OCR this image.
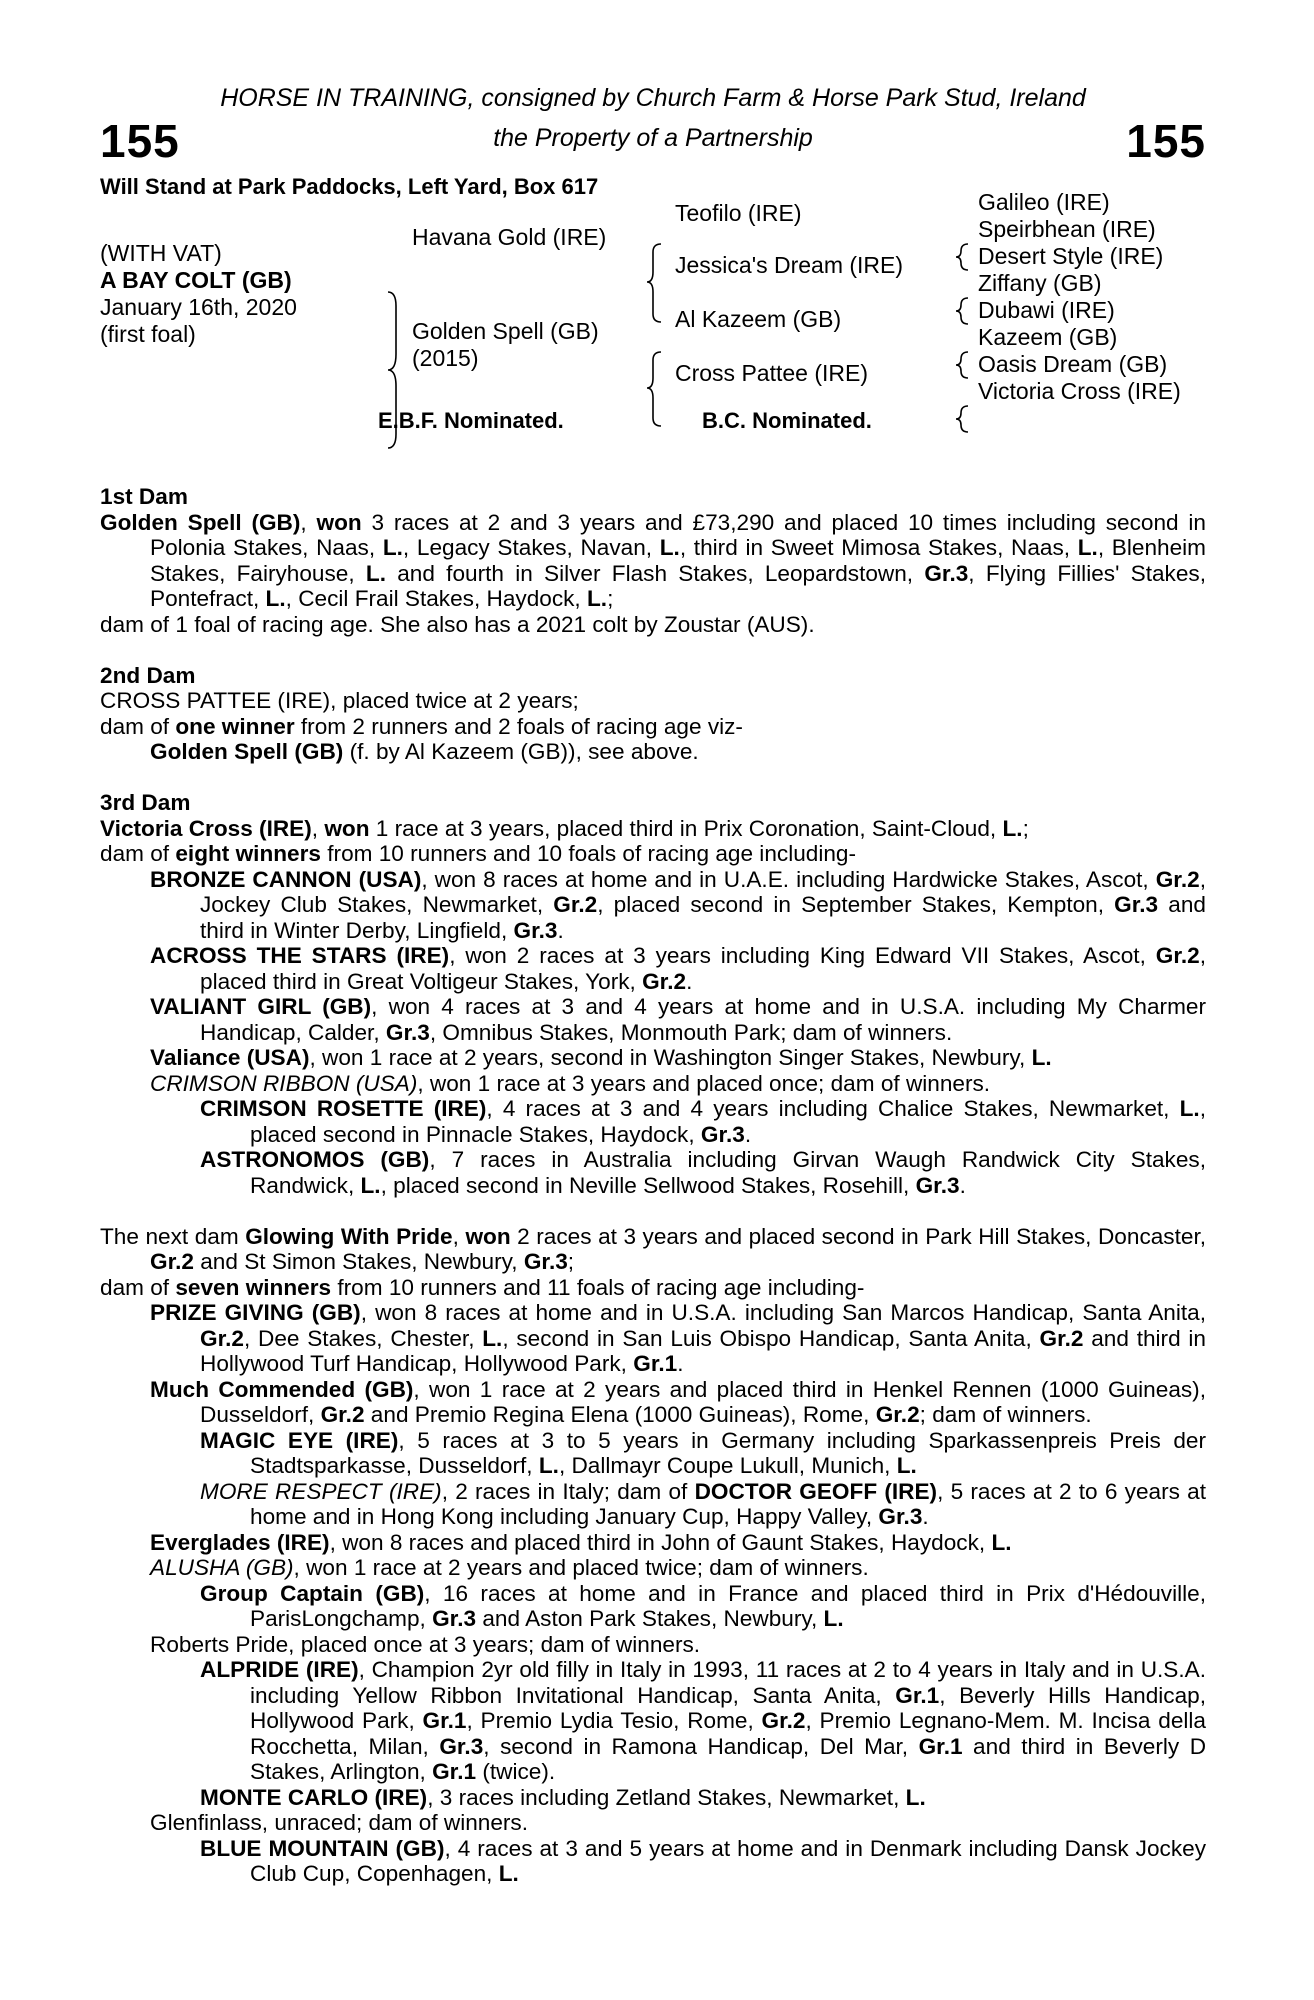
HORSE IN TRAINING, consigned by Church Farm & Horse Park Stud, Ireland
the Property of a Partnership
155	155
Will Stand at Park Paddocks, Left Yard, Box 617
(WITH VAT)
A BAY COLT (GB)
January 16th, 2020
(first foal)
Havana Gold (IRE)
Golden Spell (GB)
(2015)
Teofilo (IRE)
Jessica's Dream (IRE)
Al Kazeem (GB)
Cross Pattee (IRE)
Galileo (IRE)
Speirbhean (IRE)
Desert Style (IRE)
Ziffany (GB)
Dubawi (IRE)
Kazeem (GB)
Oasis Dream (GB)
Victoria Cross (IRE)
E.B.F. Nominated.	B.C. Nominated.

1st Dam

Golden Spell (GB), won 3 races at 2 and 3 years and £73,290 and placed 10 times including second in Polonia Stakes, Naas, L., Legacy Stakes, Navan, L., third in Sweet Mimosa Stakes, Naas, L., Blenheim Stakes, Fairyhouse, L. and fourth in Silver Flash Stakes, Leopardstown, Gr.3, Flying Fillies' Stakes, Pontefract, L., Cecil Frail Stakes, Haydock, L.;

dam of 1 foal of racing age. She also has a 2021 colt by Zoustar (AUS).

2nd Dam

CROSS PATTEE (IRE), placed twice at 2 years;

dam of one winner from 2 runners and 2 foals of racing age viz-

Golden Spell (GB) (f. by Al Kazeem (GB)), see above.

3rd Dam

Victoria Cross (IRE), won 1 race at 3 years, placed third in Prix Coronation, Saint-Cloud, L.;

dam of eight winners from 10 runners and 10 foals of racing age including-

BRONZE CANNON (USA), won 8 races at home and in U.A.E. including Hardwicke Stakes, Ascot, Gr.2, Jockey Club Stakes, Newmarket, Gr.2, placed second in September Stakes, Kempton, Gr.3 and third in Winter Derby, Lingfield, Gr.3.

ACROSS THE STARS (IRE), won 2 races at 3 years including King Edward VII Stakes, Ascot, Gr.2, placed third in Great Voltigeur Stakes, York, Gr.2.

VALIANT GIRL (GB), won 4 races at 3 and 4 years at home and in U.S.A. including My Charmer Handicap, Calder, Gr.3, Omnibus Stakes, Monmouth Park; dam of winners.

Valiance (USA), won 1 race at 2 years, second in Washington Singer Stakes, Newbury, L.

CRIMSON RIBBON (USA), won 1 race at 3 years and placed once; dam of winners.

CRIMSON ROSETTE (IRE), 4 races at 3 and 4 years including Chalice Stakes, Newmarket, L., placed second in Pinnacle Stakes, Haydock, Gr.3.

ASTRONOMOS (GB), 7 races in Australia including Girvan Waugh Randwick City Stakes, Randwick, L., placed second in Neville Sellwood Stakes, Rosehill, Gr.3.

The next dam Glowing With Pride, won 2 races at 3 years and placed second in Park Hill Stakes, Doncaster, Gr.2 and St Simon Stakes, Newbury, Gr.3;

dam of seven winners from 10 runners and 11 foals of racing age including-

PRIZE GIVING (GB), won 8 races at home and in U.S.A. including San Marcos Handicap, Santa Anita, Gr.2, Dee Stakes, Chester, L., second in San Luis Obispo Handicap, Santa Anita, Gr.2 and third in Hollywood Turf Handicap, Hollywood Park, Gr.1.

Much Commended (GB), won 1 race at 2 years and placed third in Henkel Rennen (1000 Guineas), Dusseldorf, Gr.2 and Premio Regina Elena (1000 Guineas), Rome, Gr.2; dam of winners.

MAGIC EYE (IRE), 5 races at 3 to 5 years in Germany including Sparkassenpreis Preis der Stadtsparkasse, Dusseldorf, L., Dallmayr Coupe Lukull, Munich, L.

MORE RESPECT (IRE), 2 races in Italy; dam of DOCTOR GEOFF (IRE), 5 races at 2 to 6 years at home and in Hong Kong including January Cup, Happy Valley, Gr.3.

Everglades (IRE), won 8 races and placed third in John of Gaunt Stakes, Haydock, L.

ALUSHA (GB), won 1 race at 2 years and placed twice; dam of winners.

Group Captain (GB), 16 races at home and in France and placed third in Prix d'Hédouville, ParisLongchamp, Gr.3 and Aston Park Stakes, Newbury, L.

Roberts Pride, placed once at 3 years; dam of winners.

ALPRIDE (IRE), Champion 2yr old filly in Italy in 1993, 11 races at 2 to 4 years in Italy and in U.S.A. including Yellow Ribbon Invitational Handicap, Santa Anita, Gr.1, Beverly Hills Handicap, Hollywood Park, Gr.1, Premio Lydia Tesio, Rome, Gr.2, Premio Legnano-Mem. M. Incisa della Rocchetta, Milan, Gr.3, second in Ramona Handicap, Del Mar, Gr.1 and third in Beverly D Stakes, Arlington, Gr.1 (twice).

MONTE CARLO (IRE), 3 races including Zetland Stakes, Newmarket, L.

Glenfinlass, unraced; dam of winners.

BLUE MOUNTAIN (GB), 4 races at 3 and 5 years at home and in Denmark including Dansk Jockey Club Cup, Copenhagen, L.
